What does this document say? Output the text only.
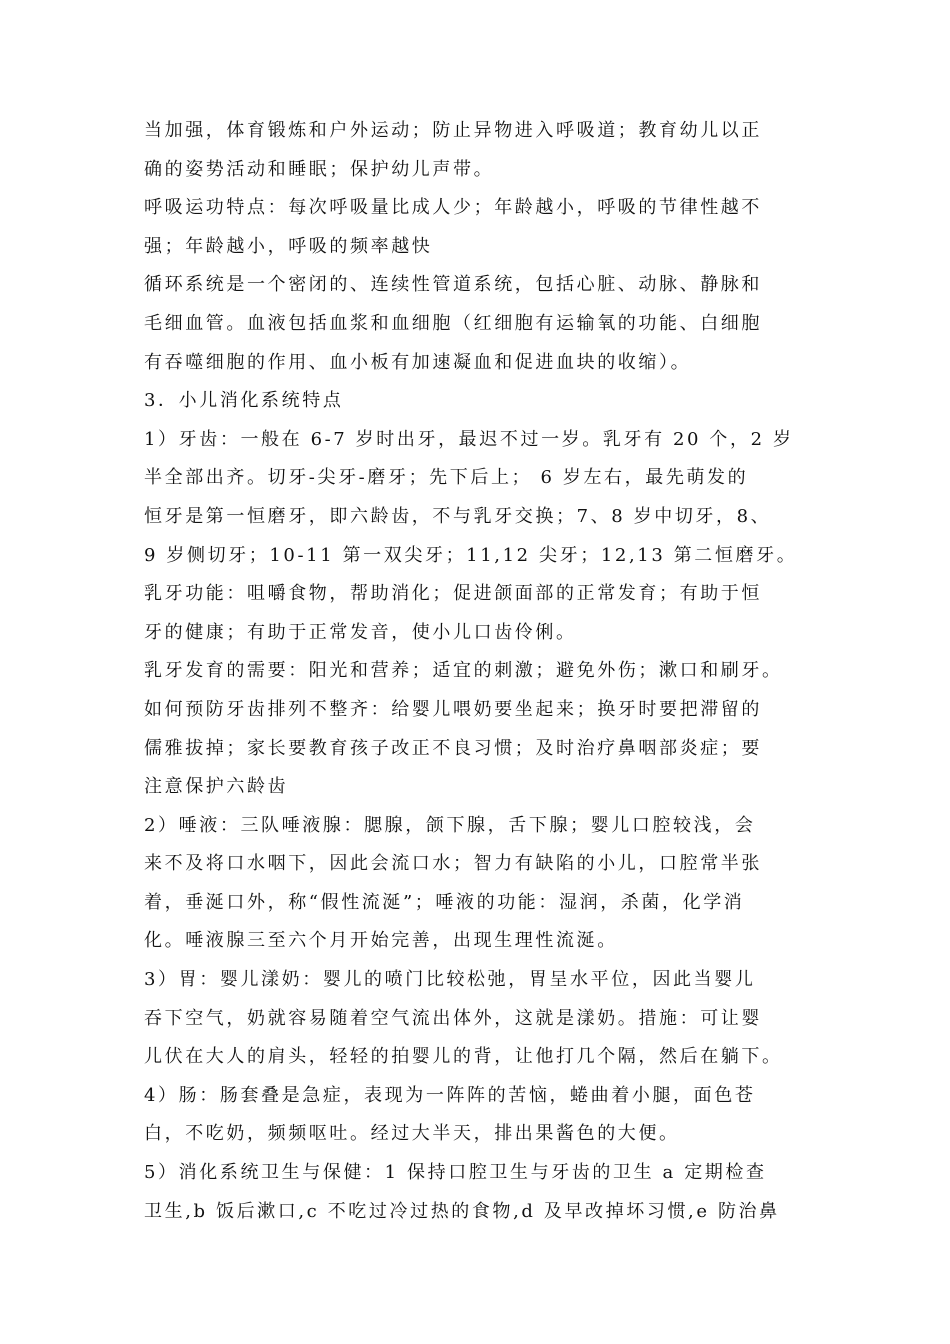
当加强，体育锻炼和户外运动；防止异物进入呼吸道；教育幼儿以正
确的姿势活动和睡眠；保护幼儿声带。
呼吸运功特点：每次呼吸量比成人少；年龄越小，呼吸的节律性越不
强；年龄越小，呼吸的频率越快
循环系统是一个密闭的、连续性管道系统，包括心脏、动脉、静脉和
毛细血管。血液包括血浆和血细胞（红细胞有运输氧的功能、白细胞
有吞噬细胞的作用、血小板有加速凝血和促进血块的收缩）。
3．小儿消化系统特点
1）牙齿：一般在 6-7 岁时出牙，最迟不过一岁。乳牙有 20 个，2 岁
半全部出齐。切牙-尖牙-磨牙；先下后上； 6 岁左右，最先萌发的
恒牙是第一恒磨牙，即六龄齿，不与乳牙交换；7、8 岁中切牙，8、
9 岁侧切牙；10-11 第一双尖牙；11,12 尖牙；12,13 第二恒磨牙。
乳牙功能：咀嚼食物，帮助消化；促进颌面部的正常发育；有助于恒
牙的健康；有助于正常发音，使小儿口齿伶俐。
乳牙发育的需要：阳光和营养；适宜的刺激；避免外伤；漱口和刷牙。
如何预防牙齿排列不整齐：给婴儿喂奶要坐起来；换牙时要把滞留的
儒雅拔掉；家长要教育孩子改正不良习惯；及时治疗鼻咽部炎症；要
注意保护六龄齿
2）唾液：三队唾液腺：腮腺，颌下腺，舌下腺；婴儿口腔较浅，会
来不及将口水咽下，因此会流口水；智力有缺陷的小儿，口腔常半张
着，垂涎口外，称“假性流涎”；唾液的功能：湿润，杀菌，化学消
化。唾液腺三至六个月开始完善，出现生理性流涎。
3）胃：婴儿漾奶：婴儿的喷门比较松弛，胃呈水平位，因此当婴儿
吞下空气，奶就容易随着空气流出体外，这就是漾奶。措施：可让婴
儿伏在大人的肩头，轻轻的拍婴儿的背，让他打几个隔，然后在躺下。
4）肠：肠套叠是急症，表现为一阵阵的苦恼，蜷曲着小腿，面色苍
白，不吃奶，频频呕吐。经过大半天，排出果酱色的大便。
5）消化系统卫生与保健：1 保持口腔卫生与牙齿的卫生 a 定期检查
卫生,b 饭后漱口,c 不吃过冷过热的食物,d 及早改掉坏习惯,e 防治鼻
